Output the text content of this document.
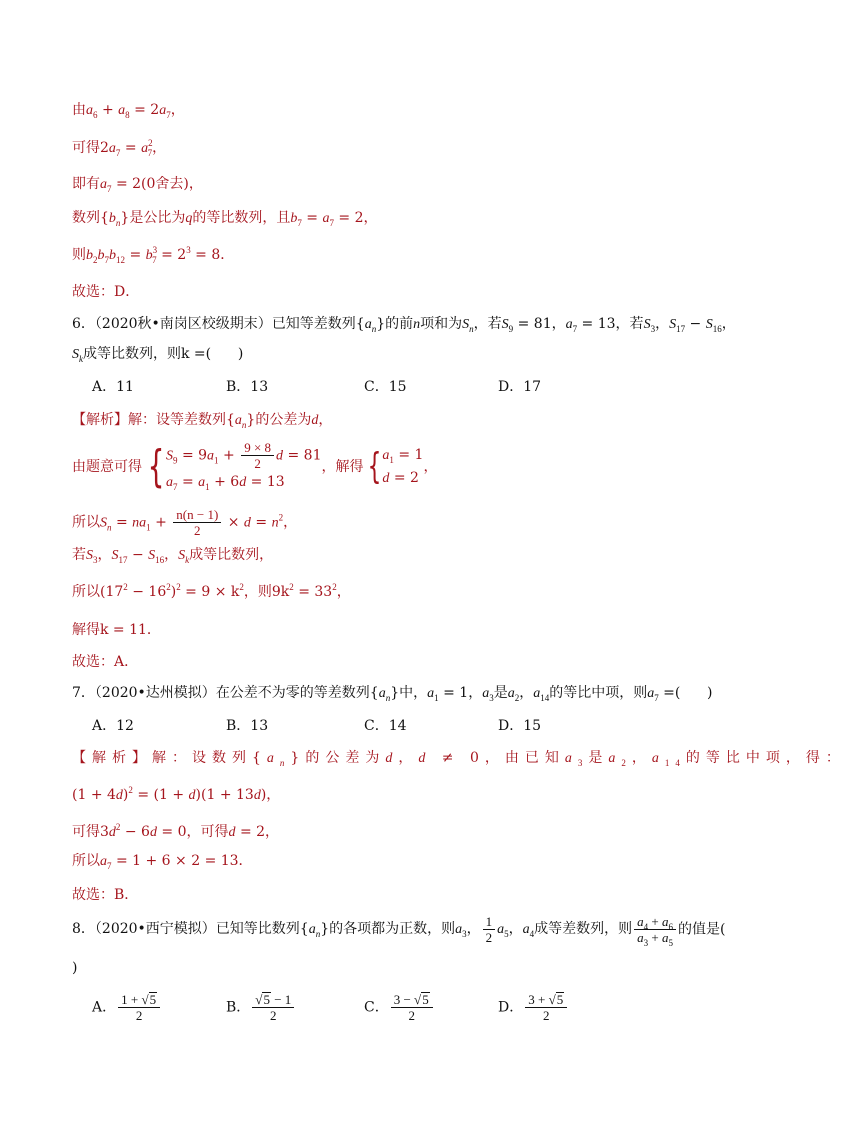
由$a_6 + a_8 = 2a_7$，
可得$2a_7 = a^2_7$，
即有$a_7 = 2(0$舍去)，
数列$\{b_n\}$是公比为q的等比数列，且$b_7 = a_7 = 2$，
则$b_2b_7b_{12} = b^3_7 = 2^3 = 8$．
故选：D．
6．（2020秋•南岗区校级期末）已知等差数列$\{a_n\}$的前n项和为$S_n$，若$S_9 = 81$，$a_7 = 13$，若$S_3$，$S_{17} - S_{16}$，
$S_k$成等比数列，则k =(      )
A．11	B．13	C．15	D．17
【解析】解：设等差数列$\{a_n\}$的公差为d，
由题意可得 { $S_9 = 9a_1 + \frac{9 \times 8}{2}$ d = 81
$a_7 = a_1 + 6d = 13$
，解得 { $a_1 = 1$
d = 2
，
所以$S_n = na_1 + \frac{n(n - 1)}{2} \times d = n^2$，
若$S_3$，$S_{17} - S_{16}$，$S_k$成等比数列，
所以$(17^2 - 16^2)^2 = 9 \times k^2$，则$9k^2 = 33^2$，
解得k = 11．
故选：A．
7．（2020•达州模拟）在公差不为零的等差数列$\{a_n\}$中，$a_1 = 1$，$a_3$是$a_2$，$a_{14}$的等比中项，则$a_7$ =(      )
A．12	B．13	C．14	D．15
【解析】解：设数列$\{a_n\}$的公差为d，d ≠ 0，由已知$a_3$是$a_2$，$a_{14}$的等比中项，得：
$(1 + 4d)^2 = (1 + d)(1 + 13d)$，
可得$3d^2 - 6d = 0$，可得d = 2，
所以$a_7 = 1 + 6 \times 2 = 13$．
故选：B．
8．（2020•西宁模拟）已知等比数列$\{a_n\}$的各项都为正数，则$a_3$， $\frac{1}{2} a_5$，$a_4$成等差数列，则 $\frac{a_4 + a_6}{a_3 + a_5}$ 的值是(
)
A． $\frac{1 + √5}{2}$	B． $\frac{√5 - 1}{2}$	C． $\frac{3 - √5}{2}$	D． $\frac{3 + √5}{2}$
